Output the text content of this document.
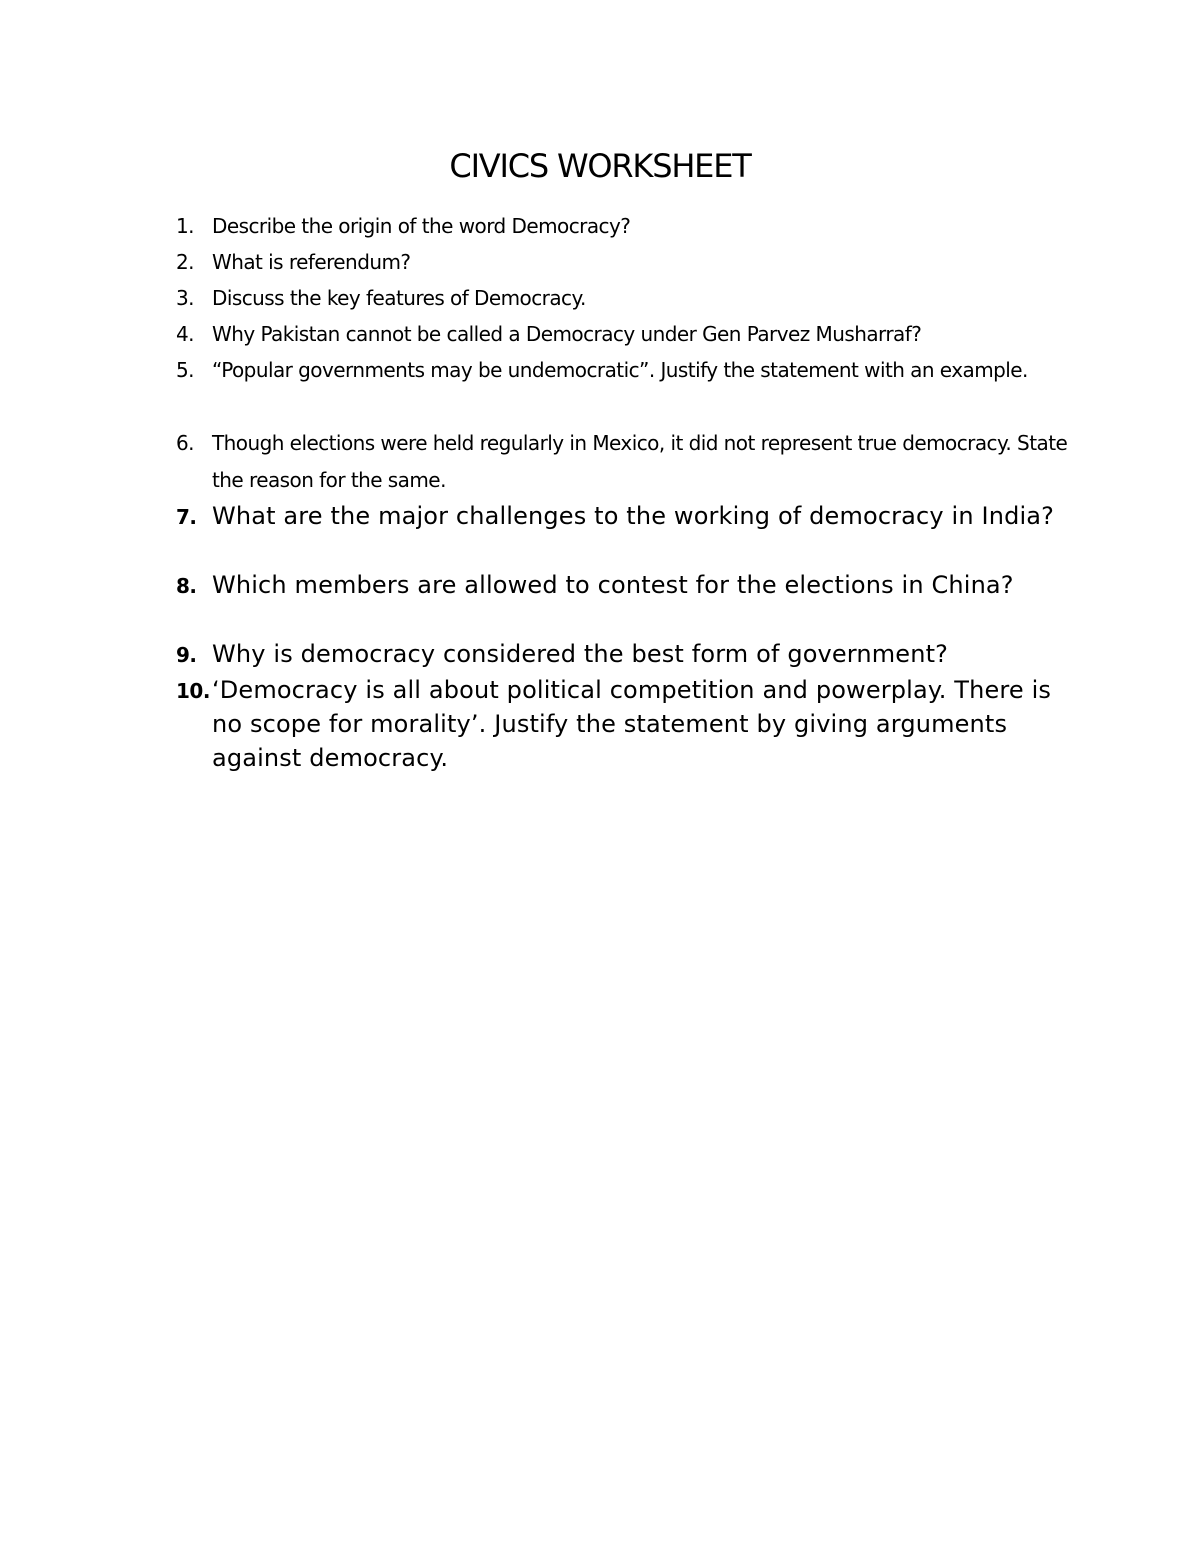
CIVICS WORKSHEET
1. Describe the origin of the word Democracy?
2. What is referendum?
3. Discuss the key features of Democracy.
4. Why Pakistan cannot be called a Democracy under Gen Parvez Musharraf?
5. “Popular governments may be undemocratic”. Justify the statement with an example.
6. Though elections were held regularly in Mexico, it did not represent true democracy. State the reason for the same.
7. What are the major challenges to the working of democracy in India?
8. Which members are allowed to contest for the elections in China?
9. Why is democracy considered the best form of government?
10. ‘Democracy is all about political competition and powerplay. There is no scope for morality’. Justify the statement by giving arguments against democracy.
